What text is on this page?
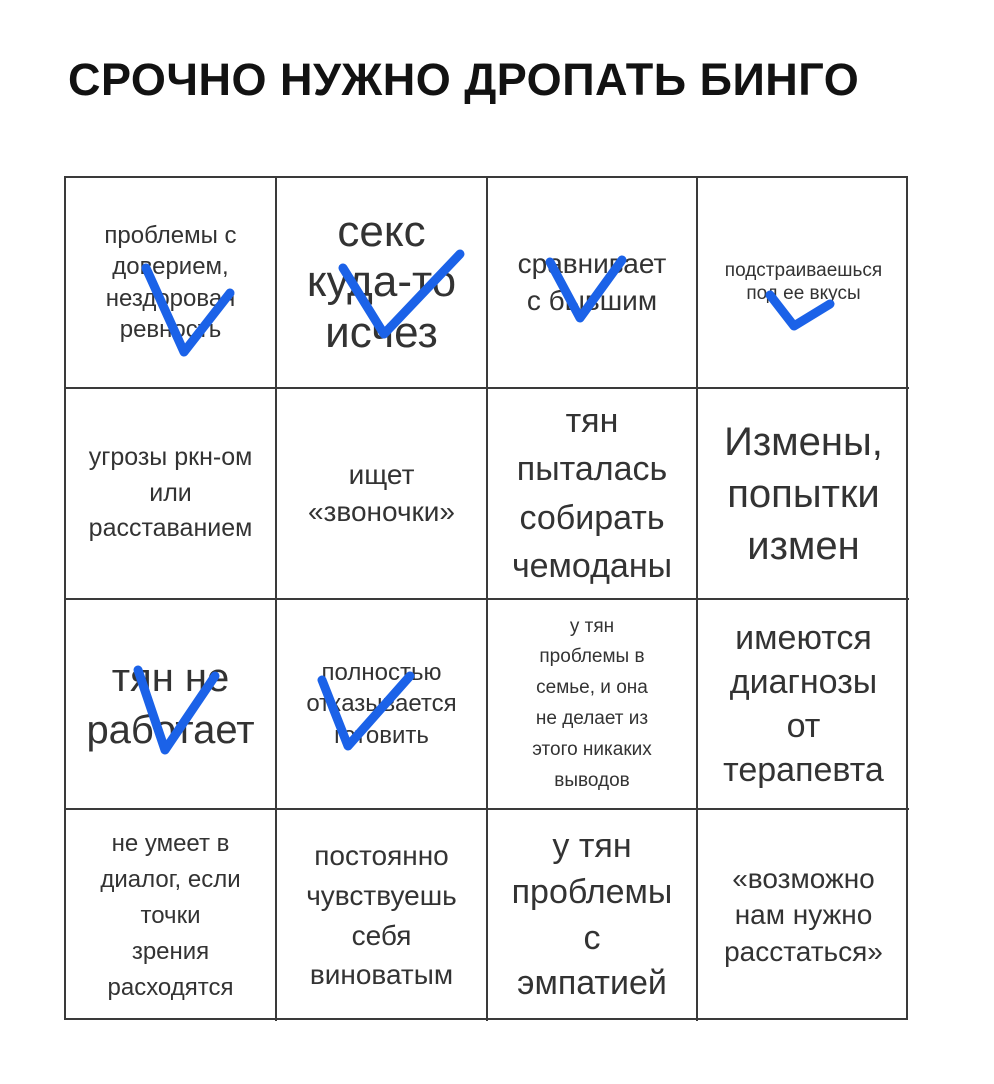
СРОЧНО НУЖНО ДРОПАТЬ БИНГО
проблемы с
доверием,
нездоровая
ревность
секс
куда-то
исчез
сравнивает
с бывшим
подстраиваешься
под ее вкусы
угрозы ркн-ом
или
расставанием
ищет
«звоночки»
тян
пыталась
собирать
чемоданы
Измены,
попытки
измен
тян не
работает
полностью
отказывается
готовить
у тян
проблемы в
семье, и она
не делает из
этого никаких
выводов
имеются
диагнозы
от
терапевта
не умеет в
диалог, если
точки
зрения
расходятся
постоянно
чувствуешь
себя
виноватым
у тян
проблемы
с
эмпатией
«возможно
нам нужно
расстаться»
